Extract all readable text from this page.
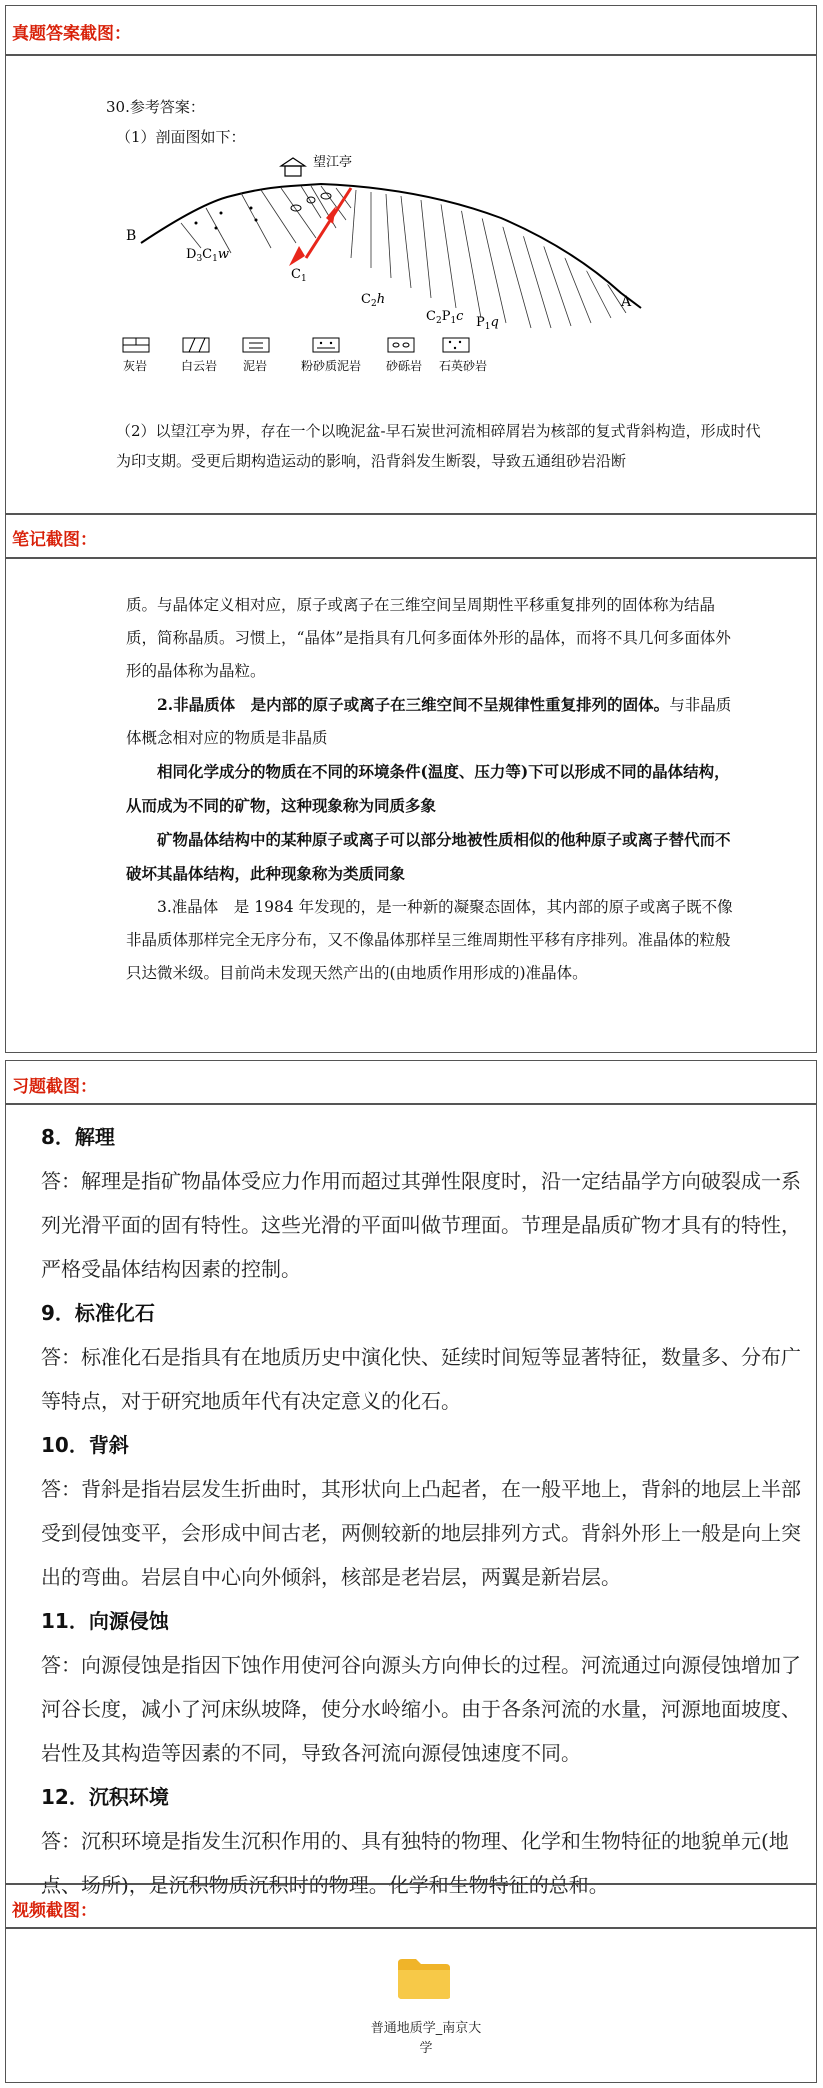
真题答案截图：
30.参考答案：
（1）剖面图如下：
望江亭
B
A
$D_3C_1w$
$C_1$
$C_2h$
$C_2P_1c$ $P_1q$
灰岩	白云岩 泥岩	粉砂质泥岩 砂砾岩 石英砂岩
（2）以望江亭为界，存在一个以晚泥盆-早石炭世河流相碎屑岩为核部的复式背斜构造，形成时代为印支期。受更后期构造运动的影响，沿背斜发生断裂，导致五通组砂岩沿断
笔记截图：

质。与晶体定义相对应，原子或离子在三维空间呈周期性平移重复排列的固体称为结晶质，简称晶质。习惯上，“晶体”是指具有几何多面体外形的晶体，而将不具几何多面体外形的晶体称为晶粒。

2.非晶质体　是内部的原子或离子在三维空间不呈规律性重复排列的固体。与非晶质体概念相对应的物质是非晶质

相同化学成分的物质在不同的环境条件(温度、压力等)下可以形成不同的晶体结构，从而成为不同的矿物，这种现象称为同质多象

矿物晶体结构中的某种原子或离子可以部分地被性质相似的他种原子或离子替代而不破坏其晶体结构，此种现象称为类质同象

3.准晶体　是 1984 年发现的，是一种新的凝聚态固体，其内部的原子或离子既不像非晶质体那样完全无序分布，又不像晶体那样呈三维周期性平移有序排列。准晶体的粒般只达微米级。目前尚未发现天然产出的(由地质作用形成的)准晶体。

习题截图：

8．解理

答：解理是指矿物晶体受应力作用而超过其弹性限度时，沿一定结晶学方向破裂成一系列光滑平面的固有特性。这些光滑的平面叫做节理面。节理是晶质矿物才具有的特性，严格受晶体结构因素的控制。

9．标准化石

答：标准化石是指具有在地质历史中演化快、延续时间短等显著特征，数量多、分布广等特点，对于研究地质年代有决定意义的化石。

10．背斜

答：背斜是指岩层发生折曲时，其形状向上凸起者，在一般平地上，背斜的地层上半部受到侵蚀变平，会形成中间古老，两侧较新的地层排列方式。背斜外形上一般是向上突出的弯曲。岩层自中心向外倾斜，核部是老岩层，两翼是新岩层。

11．向源侵蚀

答：向源侵蚀是指因下蚀作用使河谷向源头方向伸长的过程。河流通过向源侵蚀增加了河谷长度，减小了河床纵坡降，使分水岭缩小。由于各条河流的水量，河源地面坡度、岩性及其构造等因素的不同，导致各河流向源侵蚀速度不同。

12．沉积环境

答：沉积环境是指发生沉积作用的、具有独特的物理、化学和生物特征的地貌单元(地点、场所)，是沉积物质沉积时的物理。化学和生物特征的总和。

视频截图：
普通地质学_南京大学
